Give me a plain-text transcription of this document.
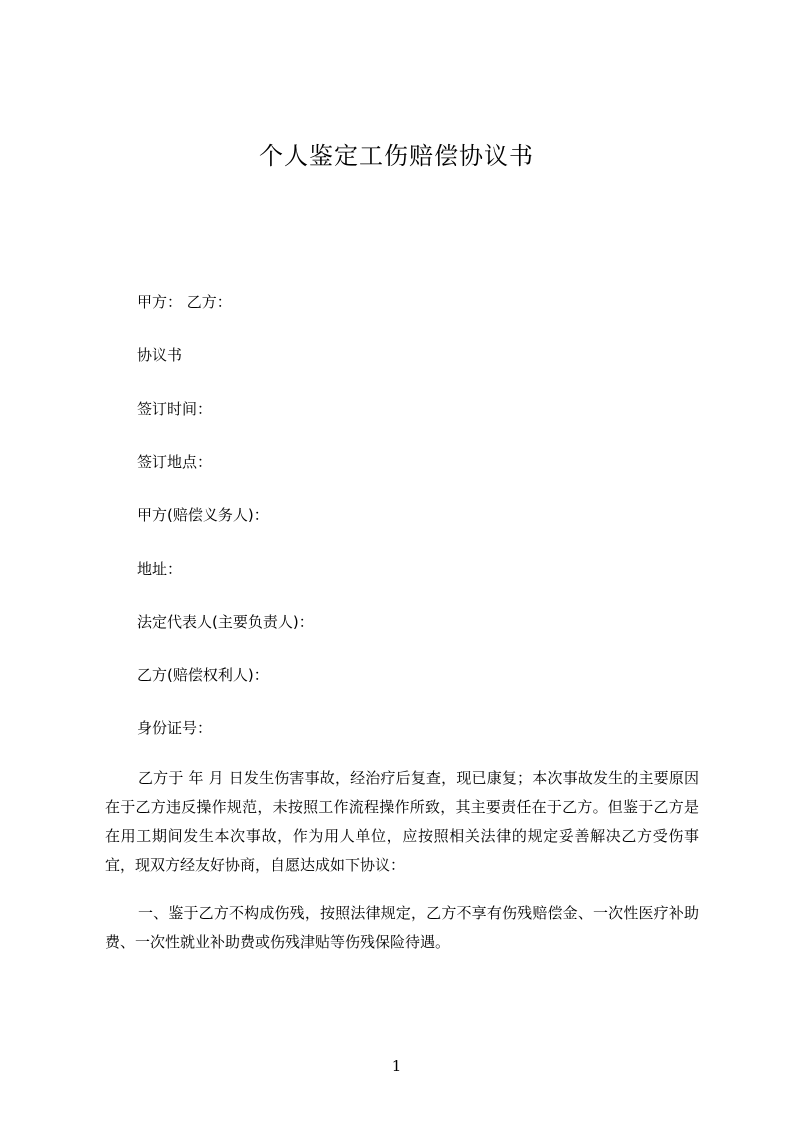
个人鉴定工伤赔偿协议书
甲方： 乙方：
协议书
签订时间：
签订地点：
甲方(赔偿义务人)：
地址：
法定代表人(主要负责人)：
乙方(赔偿权利人)：
身份证号：

乙方于 年 月 日发生伤害事故，经治疗后复查，现已康复；本次事故发生的主要原因在于乙方违反操作规范，未按照工作流程操作所致，其主要责任在于乙方。但鉴于乙方是在用工期间发生本次事故，作为用人单位，应按照相关法律的规定妥善解决乙方受伤事宜，现双方经友好协商，自愿达成如下协议：

一、鉴于乙方不构成伤残，按照法律规定，乙方不享有伤残赔偿金、一次性医疗补助费、一次性就业补助费或伤残津贴等伤残保险待遇。

1
